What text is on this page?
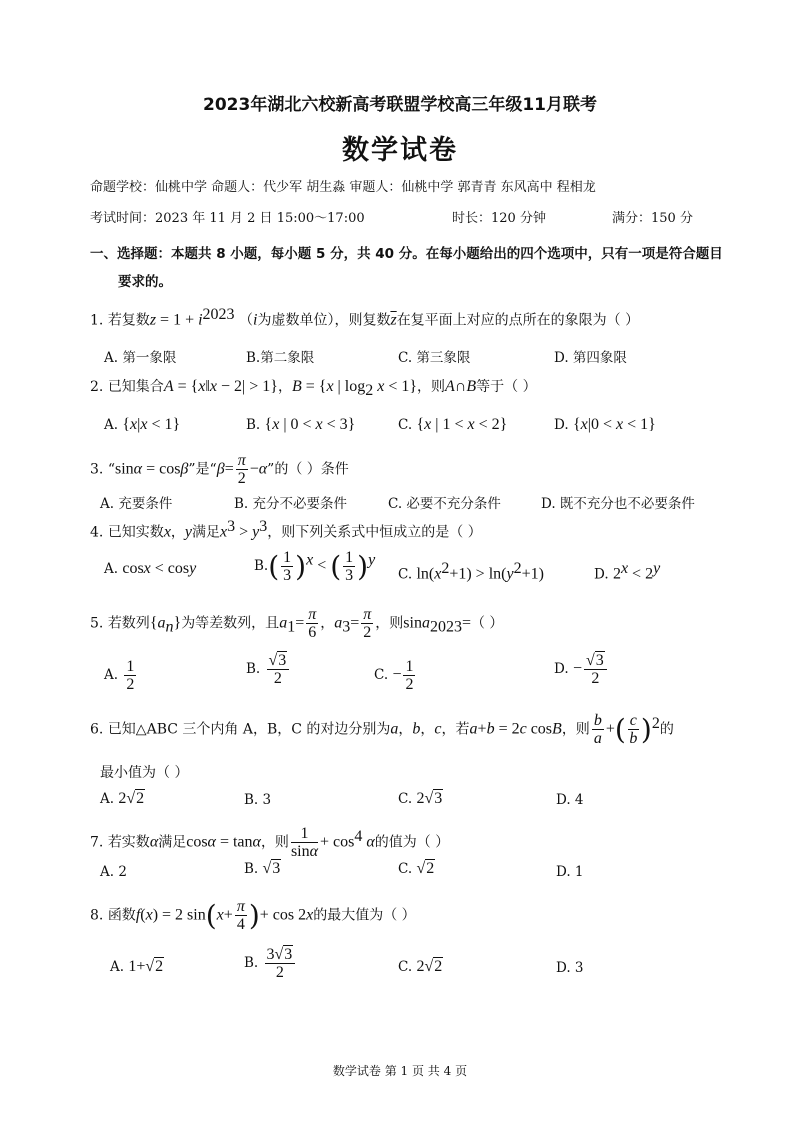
2023年湖北六校新高考联盟学校高三年级11月联考
数学试卷
命题学校：仙桃中学 命题人：代少军 胡生淼 审题人：仙桃中学 郭青青 东风高中 程相龙
考试时间：2023 年 11 月 2 日 15:00～17:00	时长：120 分钟	满分：150 分
一、选择题：本题共 8 小题，每小题 5 分，共 40 分。在每小题给出的四个选项中，只有一项是符合题目
要求的。
1. 若复数$z = 1 + i^{2023}$ （i为虚数单位），则复数$\overline{z}$在复平面上对应的点所在的象限为（ ）
A. 第一象限	B.第二象限	C. 第三象限	D. 第四象限
2. 已知集合A = {x‖x − 2| > 1}，B = {x | $\log_2 x < 1$}，则A∩B等于（ ）
A. {x|x < 1}	B. {x | 0 < x < 3}	C. {x | 1 < x < 2}	D. {x|0 < x < 1}
3. “sinα = cosβ”是“$\beta= \frac{\pi}{2} -\alpha$”的（ ）条件
A. 充要条件	B. 充分不必要条件	C. 必要不充分条件	D. 既不充分也不必要条件
4. 已知实数x，y满足$x^3 > y^3$，则下列关系式中恒成立的是（ ）
A. cosx < cosy	$B.( \frac{1}{3} )^x$ < ( $\frac{1}{3} )^y$
C. $\ln(x^2+1) > \ln(y^2+1)$	D. $2^x < 2^y$
5. 若数列$\{a_n\}$为等差数列，且$a_1= \frac{\pi}{6}$ ，$a_3= \frac{\pi}{2}$ ，则sina$_{2023}$=（ ）
A. $\frac{1}{2}$	B. $\frac{√3}{2}$	C. − $\frac{1}{2}$	D. − $\frac{√3}{2}$
6. 已知△ABC 三个内角 A，B，C 的对边分别为a，b，c，若a+b = 2c cosB，则 $\frac{b}{a}$ +( $\frac{c}{b} )^2$的
最小值为（ ）
A. 2√2	B. 3	C. 2√3	D. 4
7. 若实数α满足cosα = tanα，则 $\frac{1}{\sin\alpha} + \cos^4 \alpha$的值为（ ）
A. 2	B. √3	C. √2	D. 1
8. 函数f(x) = 2 $\sin(x+ \frac{\pi}{4}$ )+ cos 2x的最大值为（ ）
A. 1+√2	B. $\frac{3√3}{2}$	C. 2√2	D. 3
数学试卷 第 1 页 共 4 页
